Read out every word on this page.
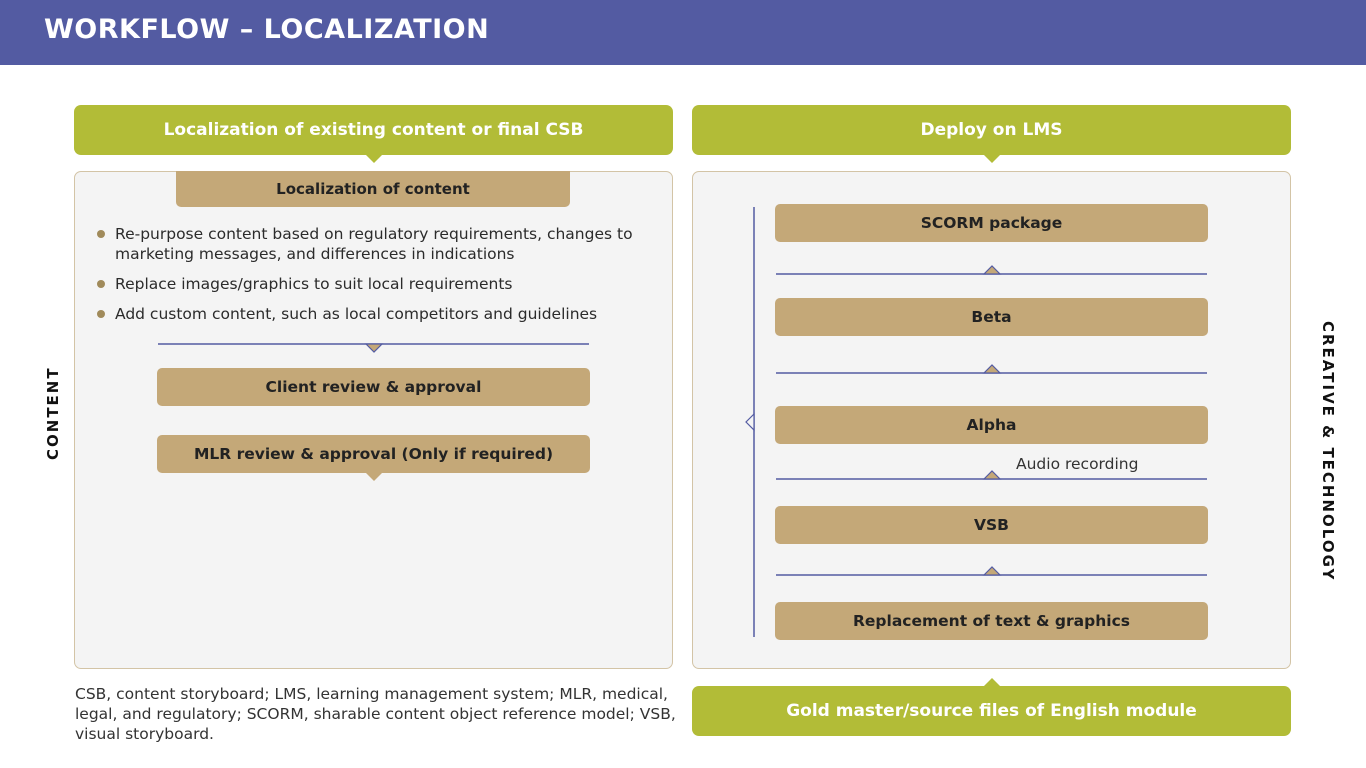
WORKFLOW – LOCALIZATION
Localization of existing content or final CSB
Localization of content
Re-purpose content based on regulatory requirements, changes to marketing messages, and differences in indications
Replace images/graphics to suit local requirements
Add custom content, such as local competitors and guidelines
Client review & approval
MLR review & approval (Only if required)
CONTENT
CSB, content storyboard; LMS, learning management system; MLR, medical, legal, and regulatory; SCORM, sharable content object reference model; VSB, visual storyboard.
Deploy on LMS
SCORM package
Beta
Alpha
Audio recording
VSB
Replacement of text & graphics
Gold master/source files of English module
CREATIVE & TECHNOLOGY
